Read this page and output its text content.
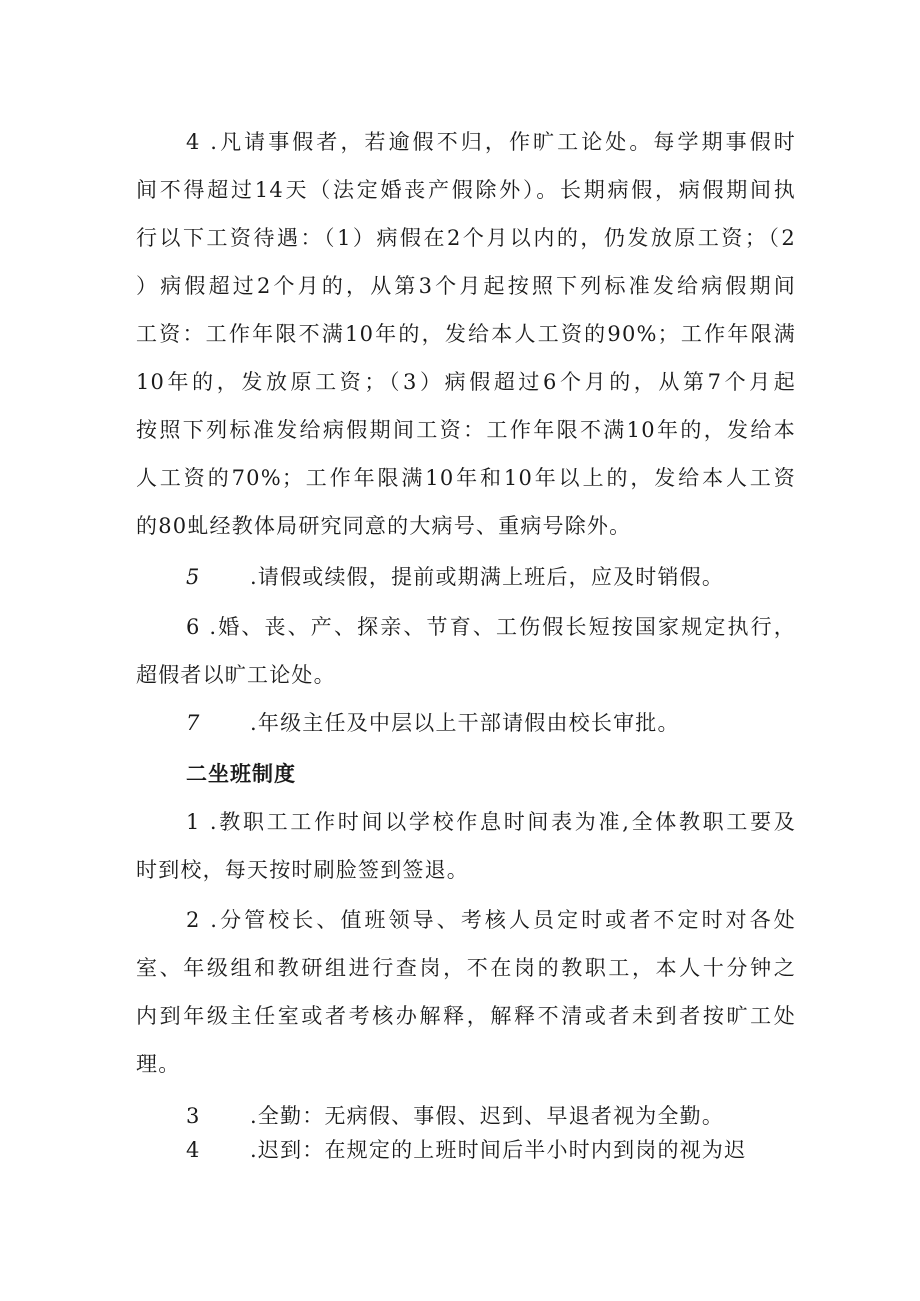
4 .凡请事假者，若逾假不归，作旷工论处。每学期事假时
间不得超过14天（法定婚丧产假除外）。长期病假，病假期间执
行以下工资待遇：（1）病假在2个月以内的，仍发放原工资；（2
）病假超过2个月的，从第3个月起按照下列标准发给病假期间
工资：工作年限不满10年的，发给本人工资的90%；工作年限满
10年的，发放原工资；（3）病假超过6个月的，从第7个月起
按照下列标准发给病假期间工资：工作年限不满10年的，发给本
人工资的70%；工作年限满10年和10年以上的，发给本人工资
的80虬经教体局研究同意的大病号、重病号除外。
5	.请假或续假，提前或期满上班后，应及时销假。
6 .婚、丧、产、探亲、节育、工伤假长短按国家规定执行，
超假者以旷工论处。
7	.年级主任及中层以上干部请假由校长审批。
二坐班制度
1 .教职工工作时间以学校作息时间表为准,全体教职工要及
时到校，每天按时刷脸签到签退。
2 .分管校长、值班领导、考核人员定时或者不定时对各处
室、年级组和教研组进行查岗，不在岗的教职工，本人十分钟之
内到年级主任室或者考核办解释，解释不清或者未到者按旷工处
理。
3	.全勤：无病假、事假、迟到、早退者视为全勤。
4	.迟到：在规定的上班时间后半小时内到岗的视为迟
